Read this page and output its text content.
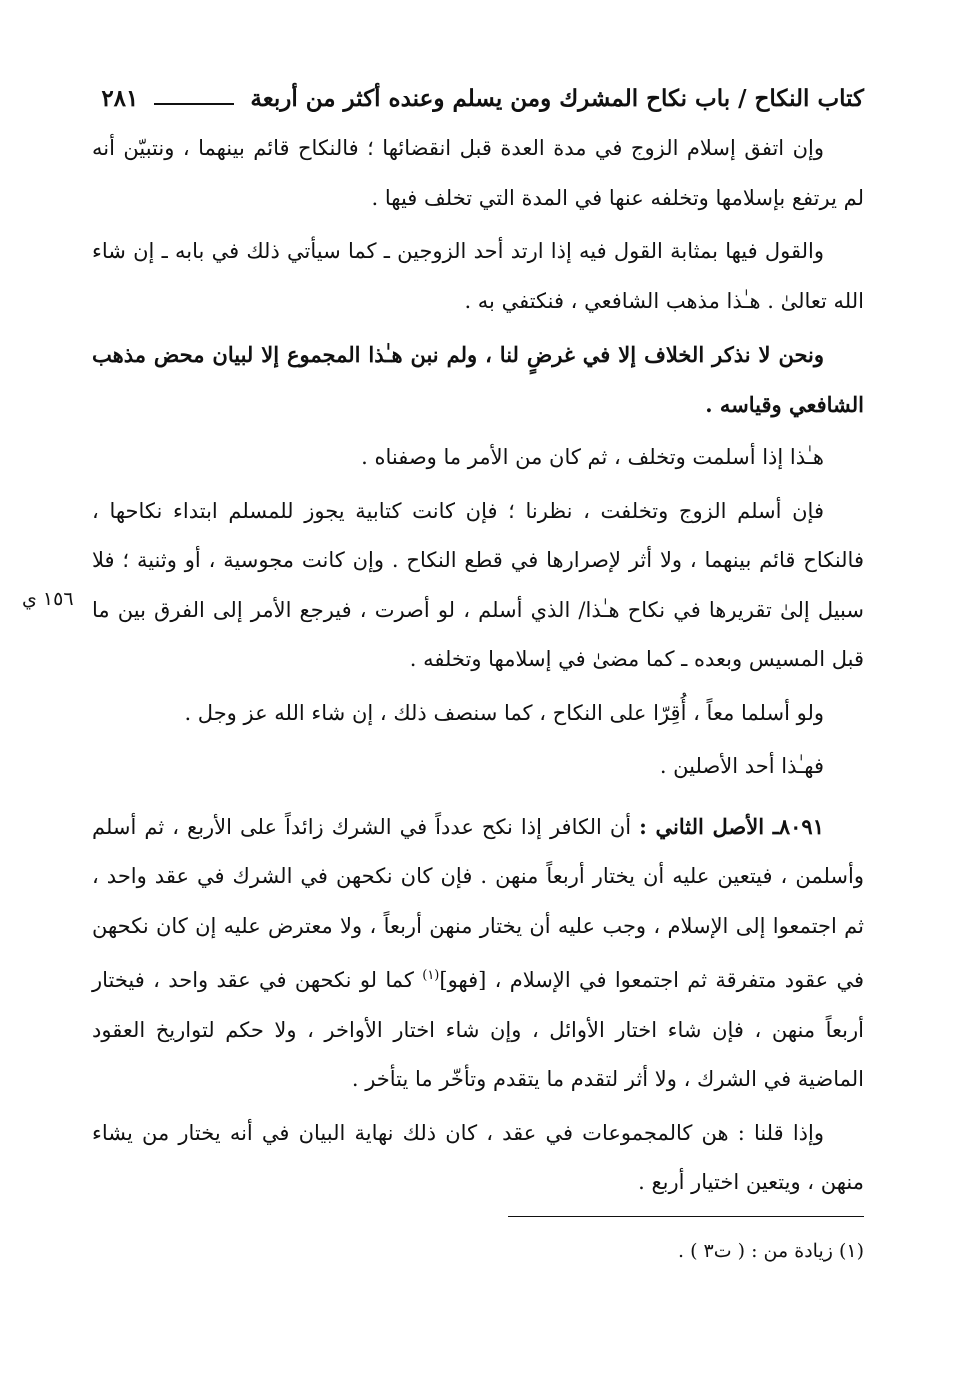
كتاب النكاح / باب نكاح المشرك ومن يسلم وعنده أكثر من أربعة
٢٨١
١٥٦ ي

وإن اتفق إسلام الزوج في مدة العدة قبل انقضائها ؛ فالنكاح قائم بينهما ، ونتبيّن أنه لم يرتفع بإسلامها وتخلفه عنها في المدة التي تخلف فيها .

والقول فيها بمثابة القول فيه إذا ارتد أحد الزوجين ـ كما سيأتي ذلك في بابه ـ إن شاء الله تعالىٰ . هـٰذا مذهب الشافعي ، فنكتفي به .

ونحن لا نذكر الخلاف إلا في غرضٍ لنا ، ولم نبن هـٰذا المجموع إلا لبيان محض مذهب الشافعي وقياسه .

هـٰذا إذا أسلمت وتخلف ، ثم كان من الأمر ما وصفناه .

فإن أسلم الزوج وتخلفت ، نظرنا ؛ فإن كانت كتابية يجوز للمسلم ابتداء نكاحها ، فالنكاح قائم بينهما ، ولا أثر لإصرارها في قطع النكاح . وإن كانت مجوسية ، أو وثنية ؛ فلا سبيل إلىٰ تقريرها في نكاح هـٰذا/ الذي أسلم ، لو أصرت ، فيرجع الأمر إلى الفرق بين ما قبل المسيس وبعده ـ كما مضىٰ في إسلامها وتخلفه .

ولو أسلما معاً ، أُقِرّا على النكاح ، كما سنصف ذلك ، إن شاء الله عز وجل .

فهـٰذا أحد الأصلين .

٨٠٩١ـ الأصل الثاني : أن الكافر إذا نكح عدداً في الشرك زائداً على الأربع ، ثم أسلم وأسلمن ، فيتعين عليه أن يختار أربعاً منهن . فإن كان نكحهن في الشرك في عقد واحد ، ثم اجتمعوا إلى الإسلام ، وجب عليه أن يختار منهن أربعاً ، ولا معترض عليه إن كان نكحهن في عقود متفرقة ثم اجتمعوا في الإسلام ، [فهو]$^{(١)}$ كما لو نكحهن في عقد واحد ، فيختار أربعاً منهن ، فإن شاء اختار الأوائل ، وإن شاء اختار الأواخر ، ولا حكم لتواريخ العقود الماضية في الشرك ، ولا أثر لتقدم ما يتقدم وتأخّر ما يتأخر .

وإذا قلنا : هن كالمجموعات في عقد ، كان ذلك نهاية البيان في أنه يختار من يشاء منهن ، ويتعين اختيار أربع .

(١) زيادة من : ( ت٣ ) .
